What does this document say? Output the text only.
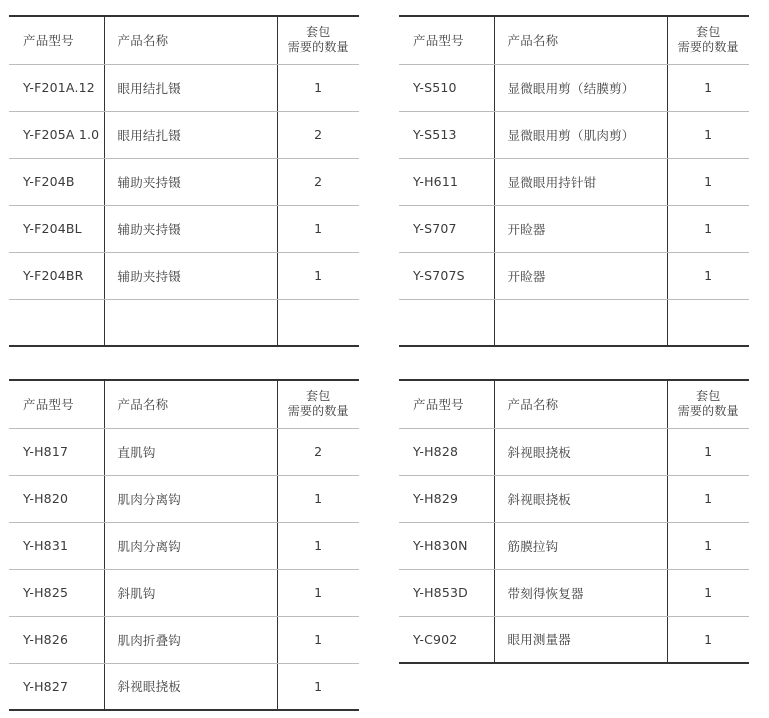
产品型号	产品名称	套包
需要的数量
Y-F201A.12	眼用结扎镊	1
Y-F205A 1.0	眼用结扎镊	2
Y-F204B	辅助夹持镊	2
Y-F204BL	辅助夹持镊	1
Y-F204BR	辅助夹持镊	1

产品型号	产品名称	套包
需要的数量
Y-S510	显微眼用剪（结膜剪）	1
Y-S513	显微眼用剪（肌肉剪）	1
Y-H611	显微眼用持针钳	1
Y-S707	开睑器	1
Y-S707S	开睑器	1

产品型号	产品名称	套包
需要的数量
Y-H817	直肌钩	2
Y-H820	肌肉分离钩	1
Y-H831	肌肉分离钩	1
Y-H825	斜肌钩	1
Y-H826	肌肉折叠钩	1
Y-H827	斜视眼挠板	1
产品型号	产品名称	套包
需要的数量
Y-H828	斜视眼挠板	1
Y-H829	斜视眼挠板	1
Y-H830N	筋膜拉钩	1
Y-H853D	带刻得恢复器	1
Y-C902	眼用测量器	1
